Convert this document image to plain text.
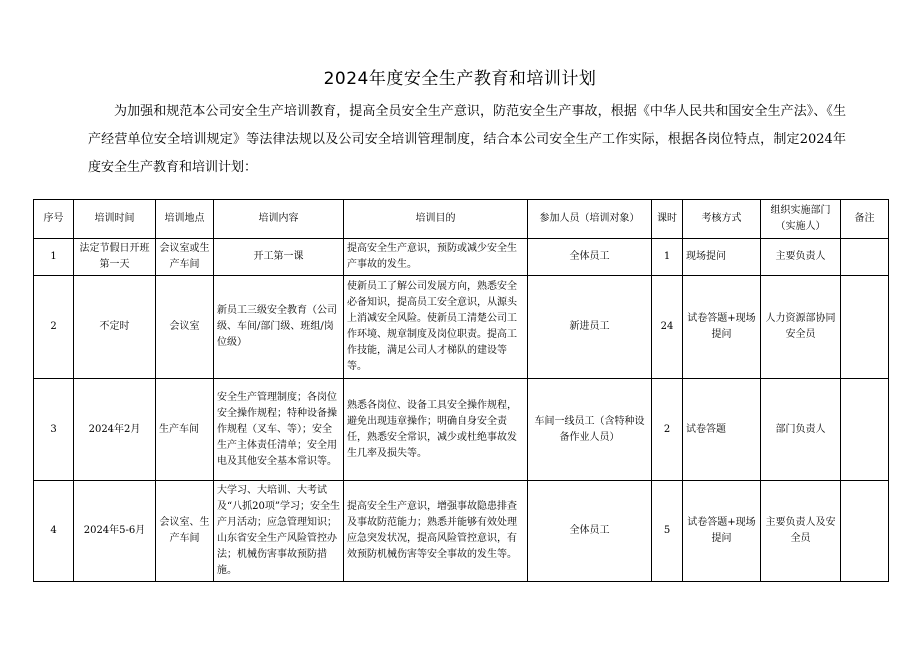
2024年度安全生产教育和培训计划
为加强和规范本公司安全生产培训教育，提高全员安全生产意识，防范安全生产事故，根据《中华人民共和国安全生产法》、《生产经营单位安全培训规定》等法律法规以及公司安全培训管理制度，结合本公司安全生产工作实际，根据各岗位特点，制定2024年度安全生产教育和培训计划：
序号	培训时间	培训地点	培训内容	培训目的	参加人员（培训对象）	课时	考核方式	组织实施部门（实施人）	备注
1	法定节假日开班第一天	会议室或生产车间	开工第一课	提高安全生产意识，预防或减少安全生产事故的发生。	全体员工	1	现场提问	主要负责人	
2	不定时	会议室	新员工三级安全教育（公司级、车间/部门级、班组/岗位级）	使新员工了解公司发展方向，熟悉安全必备知识，提高员工安全意识，从源头上消减安全风险。使新员工清楚公司工作环境、规章制度及岗位职责。提高工作技能，满足公司人才梯队的建设等等。	新进员工	24	试卷答题+现场提问	人力资源部协同安全员	
3	2024年2月	生产车间	安全生产管理制度；各岗位安全操作规程；特种设备操作规程（叉车、等）；安全生产主体责任清单；安全用电及其他安全基本常识等。	熟悉各岗位、设备工具安全操作规程，避免出现违章操作；明确自身安全责任，熟悉安全常识，减少或杜绝事故发生几率及损失等。	车间一线员工（含特种设备作业人员）	2	试卷答题	部门负责人	
4	2024年5-6月	会议室、生产车间	大学习、大培训、大考试及“八抓20项”学习；安全生产月活动；应急管理知识；山东省安全生产风险管控办法；机械伤害事故预防措施。	提高安全生产意识，增强事故隐患排查及事故防范能力；熟悉并能够有效处理应急突发状况，提高风险管控意识，有效预防机械伤害等安全事故的发生等。	全体员工	5	试卷答题+现场提问	主要负责人及安全员	
